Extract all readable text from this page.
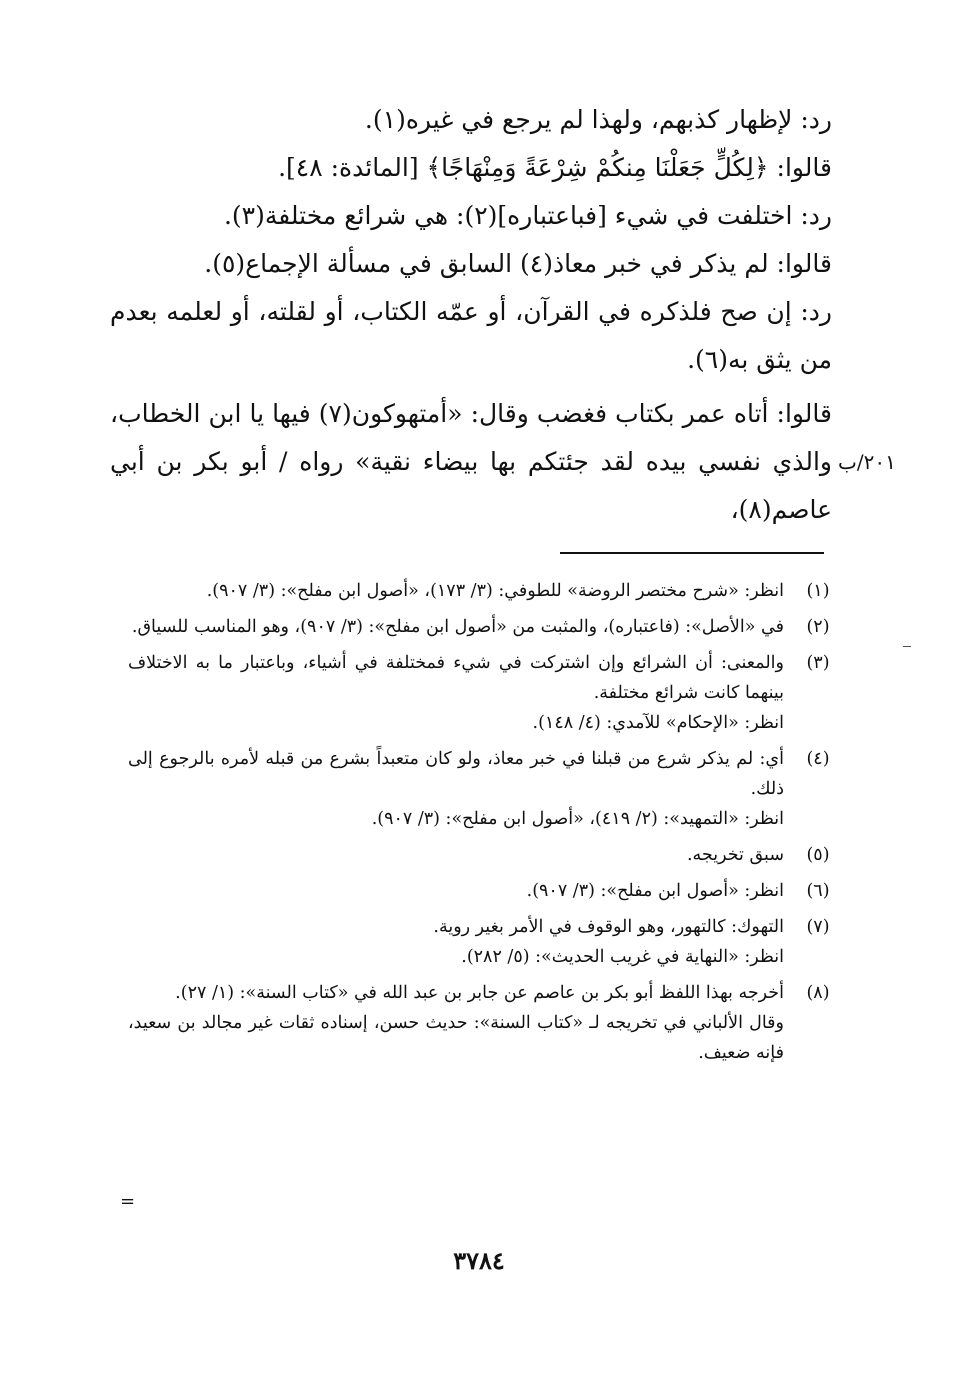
رد: لإظهار كذبهم، ولهذا لم يرجع في غيره(١).

قالوا: ﴿لِكُلٍّ جَعَلْنَا مِنكُمْ شِرْعَةً وَمِنْهَاجًا﴾ [المائدة: ٤٨].

رد: اختلفت في شيء [فباعتباره](٢): هي شرائع مختلفة(٣).

قالوا: لم يذكر في خبر معاذ(٤) السابق في مسألة الإجماع(٥).

رد: إن صح فلذكره في القرآن، أو عمّه الكتاب، أو لقلته، أو لعلمه بعدم من يثق به(٦).

قالوا: أتاه عمر بكتاب فغضب وقال: «أمتهوكون(٧) فيها يا ابن الخطاب، والذي نفسي بيده لقد جئتكم بها بيضاء نقية» رواه / أبو بكر بن أبي عاصم(٨)،

٢٠١/ب
(١)
انظر: «شرح مختصر الروضة» للطوفي: (٣/ ١٧٣)، «أصول ابن مفلح»: (٣/ ٩٠٧).
(٢)
في «الأصل»: (فاعتباره)، والمثبت من «أصول ابن مفلح»: (٣/ ٩٠٧)، وهو المناسب للسياق.
(٣)
والمعنى: أن الشرائع وإن اشتركت في شيء فمختلفة في أشياء، وباعتبار ما به الاختلاف بينهما كانت شرائع مختلفة.
انظر: «الإحكام» للآمدي: (٤/ ١٤٨).
(٤)
أي: لم يذكر شرع من قبلنا في خبر معاذ، ولو كان متعبداً بشرع من قبله لأمره بالرجوع إلى ذلك.
انظر: «التمهيد»: (٢/ ٤١٩)، «أصول ابن مفلح»: (٣/ ٩٠٧).
(٥)
سبق تخريجه.
(٦)
انظر: «أصول ابن مفلح»: (٣/ ٩٠٧).
(٧)
التهوك: كالتهور، وهو الوقوف في الأمر بغير روية.
انظر: «النهاية في غريب الحديث»: (٥/ ٢٨٢).
(٨)
أخرجه بهذا اللفظ أبو بكر بن عاصم عن جابر بن عبد الله في «كتاب السنة»: (١/ ٢٧).
وقال الألباني في تخريجه لـ «كتاب السنة»: حديث حسن، إسناده ثقات غير مجالد بن سعيد، فإنه ضعيف.
=
٣٧٨٤
